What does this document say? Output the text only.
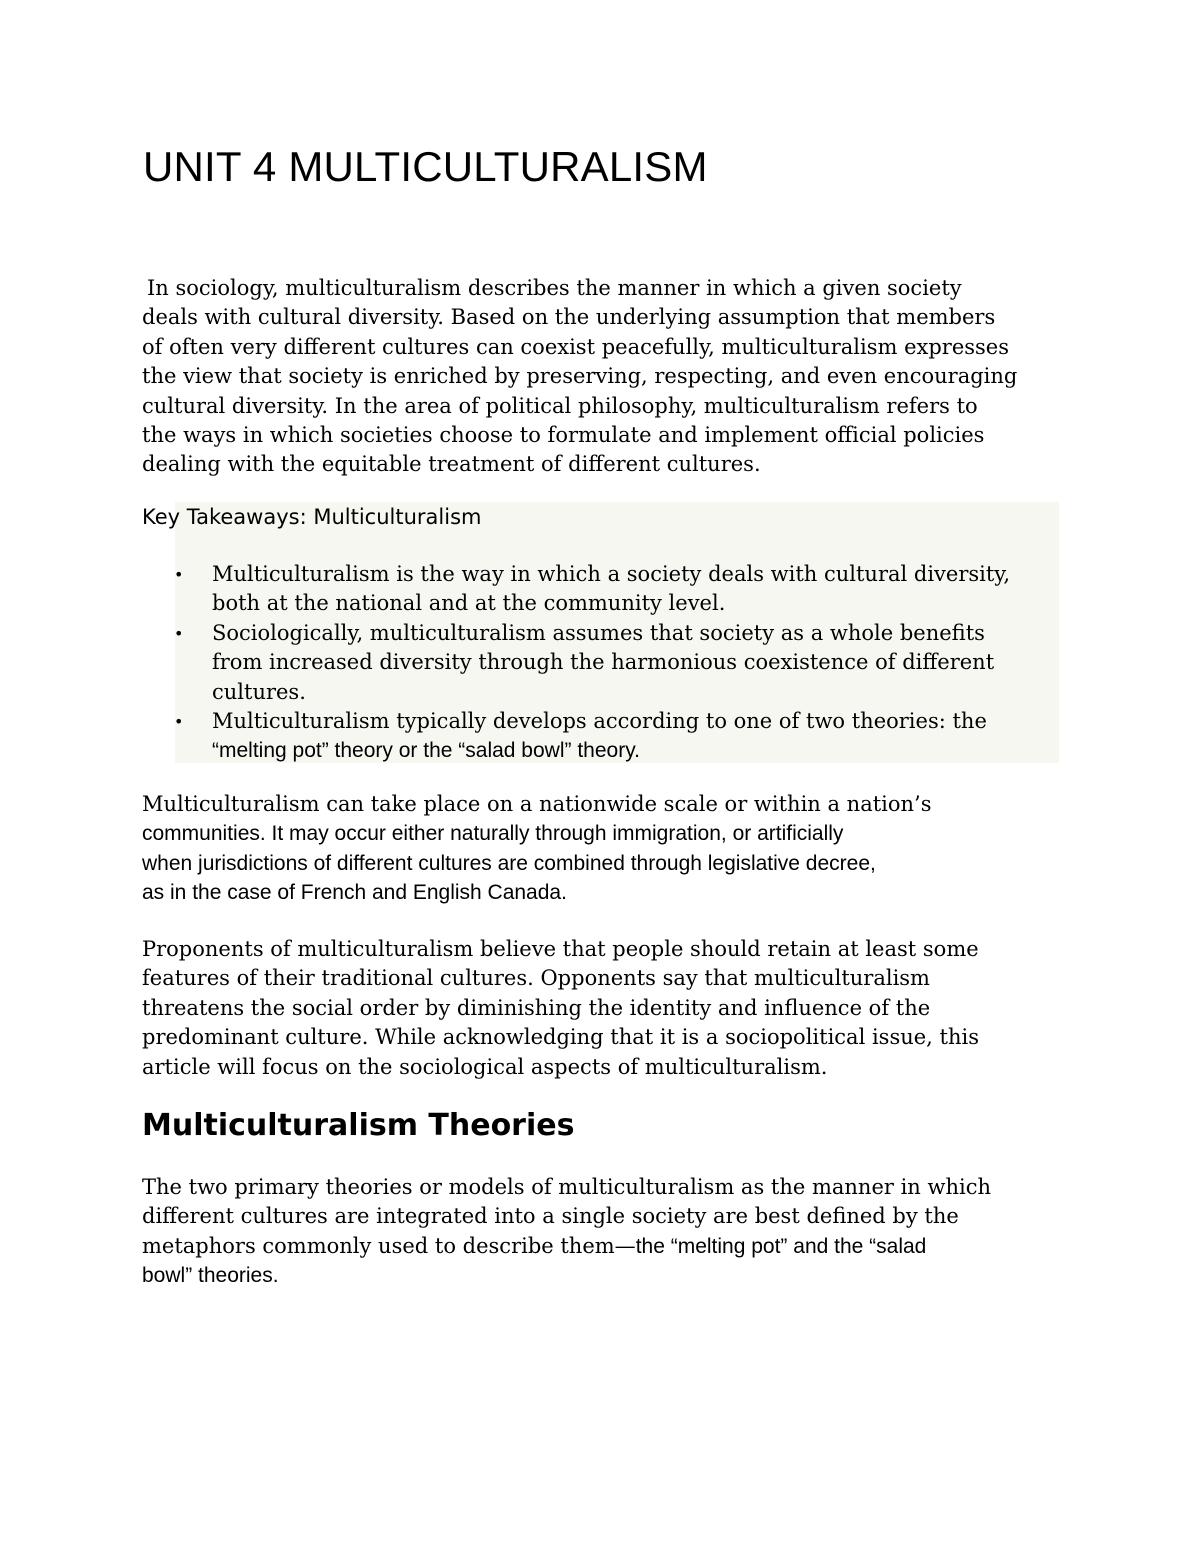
UNIT 4 MULTICULTURALISM

In sociology, multiculturalism describes the manner in which a given society
deals with cultural diversity. Based on the underlying assumption that members
of often very different cultures can coexist peacefully, multiculturalism expresses
the view that society is enriched by preserving, respecting, and even encouraging
cultural diversity. In the area of political philosophy, multiculturalism refers to
the ways in which societies choose to formulate and implement official policies
dealing with the equitable treatment of different cultures.

Key Takeaways: Multiculturalism
• Multiculturalism is the way in which a society deals with cultural diversity,
both at the national and at the community level.
• Sociologically, multiculturalism assumes that society as a whole benefits
from increased diversity through the harmonious coexistence of different
cultures.
• Multiculturalism typically develops according to one of two theories: the
“melting pot” theory or the “salad bowl” theory.

Multiculturalism can take place on a nationwide scale or within a nation’s
communities. It may occur either naturally through immigration, or artificially
when jurisdictions of different cultures are combined through legislative decree,
as in the case of French and English Canada.

Proponents of multiculturalism believe that people should retain at least some
features of their traditional cultures. Opponents say that multiculturalism
threatens the social order by diminishing the identity and influence of the
predominant culture. While acknowledging that it is a sociopolitical issue, this
article will focus on the sociological aspects of multiculturalism.

Multiculturalism Theories

The two primary theories or models of multiculturalism as the manner in which
different cultures are integrated into a single society are best defined by the
metaphors commonly used to describe them—the “melting pot” and the “salad
bowl” theories.
